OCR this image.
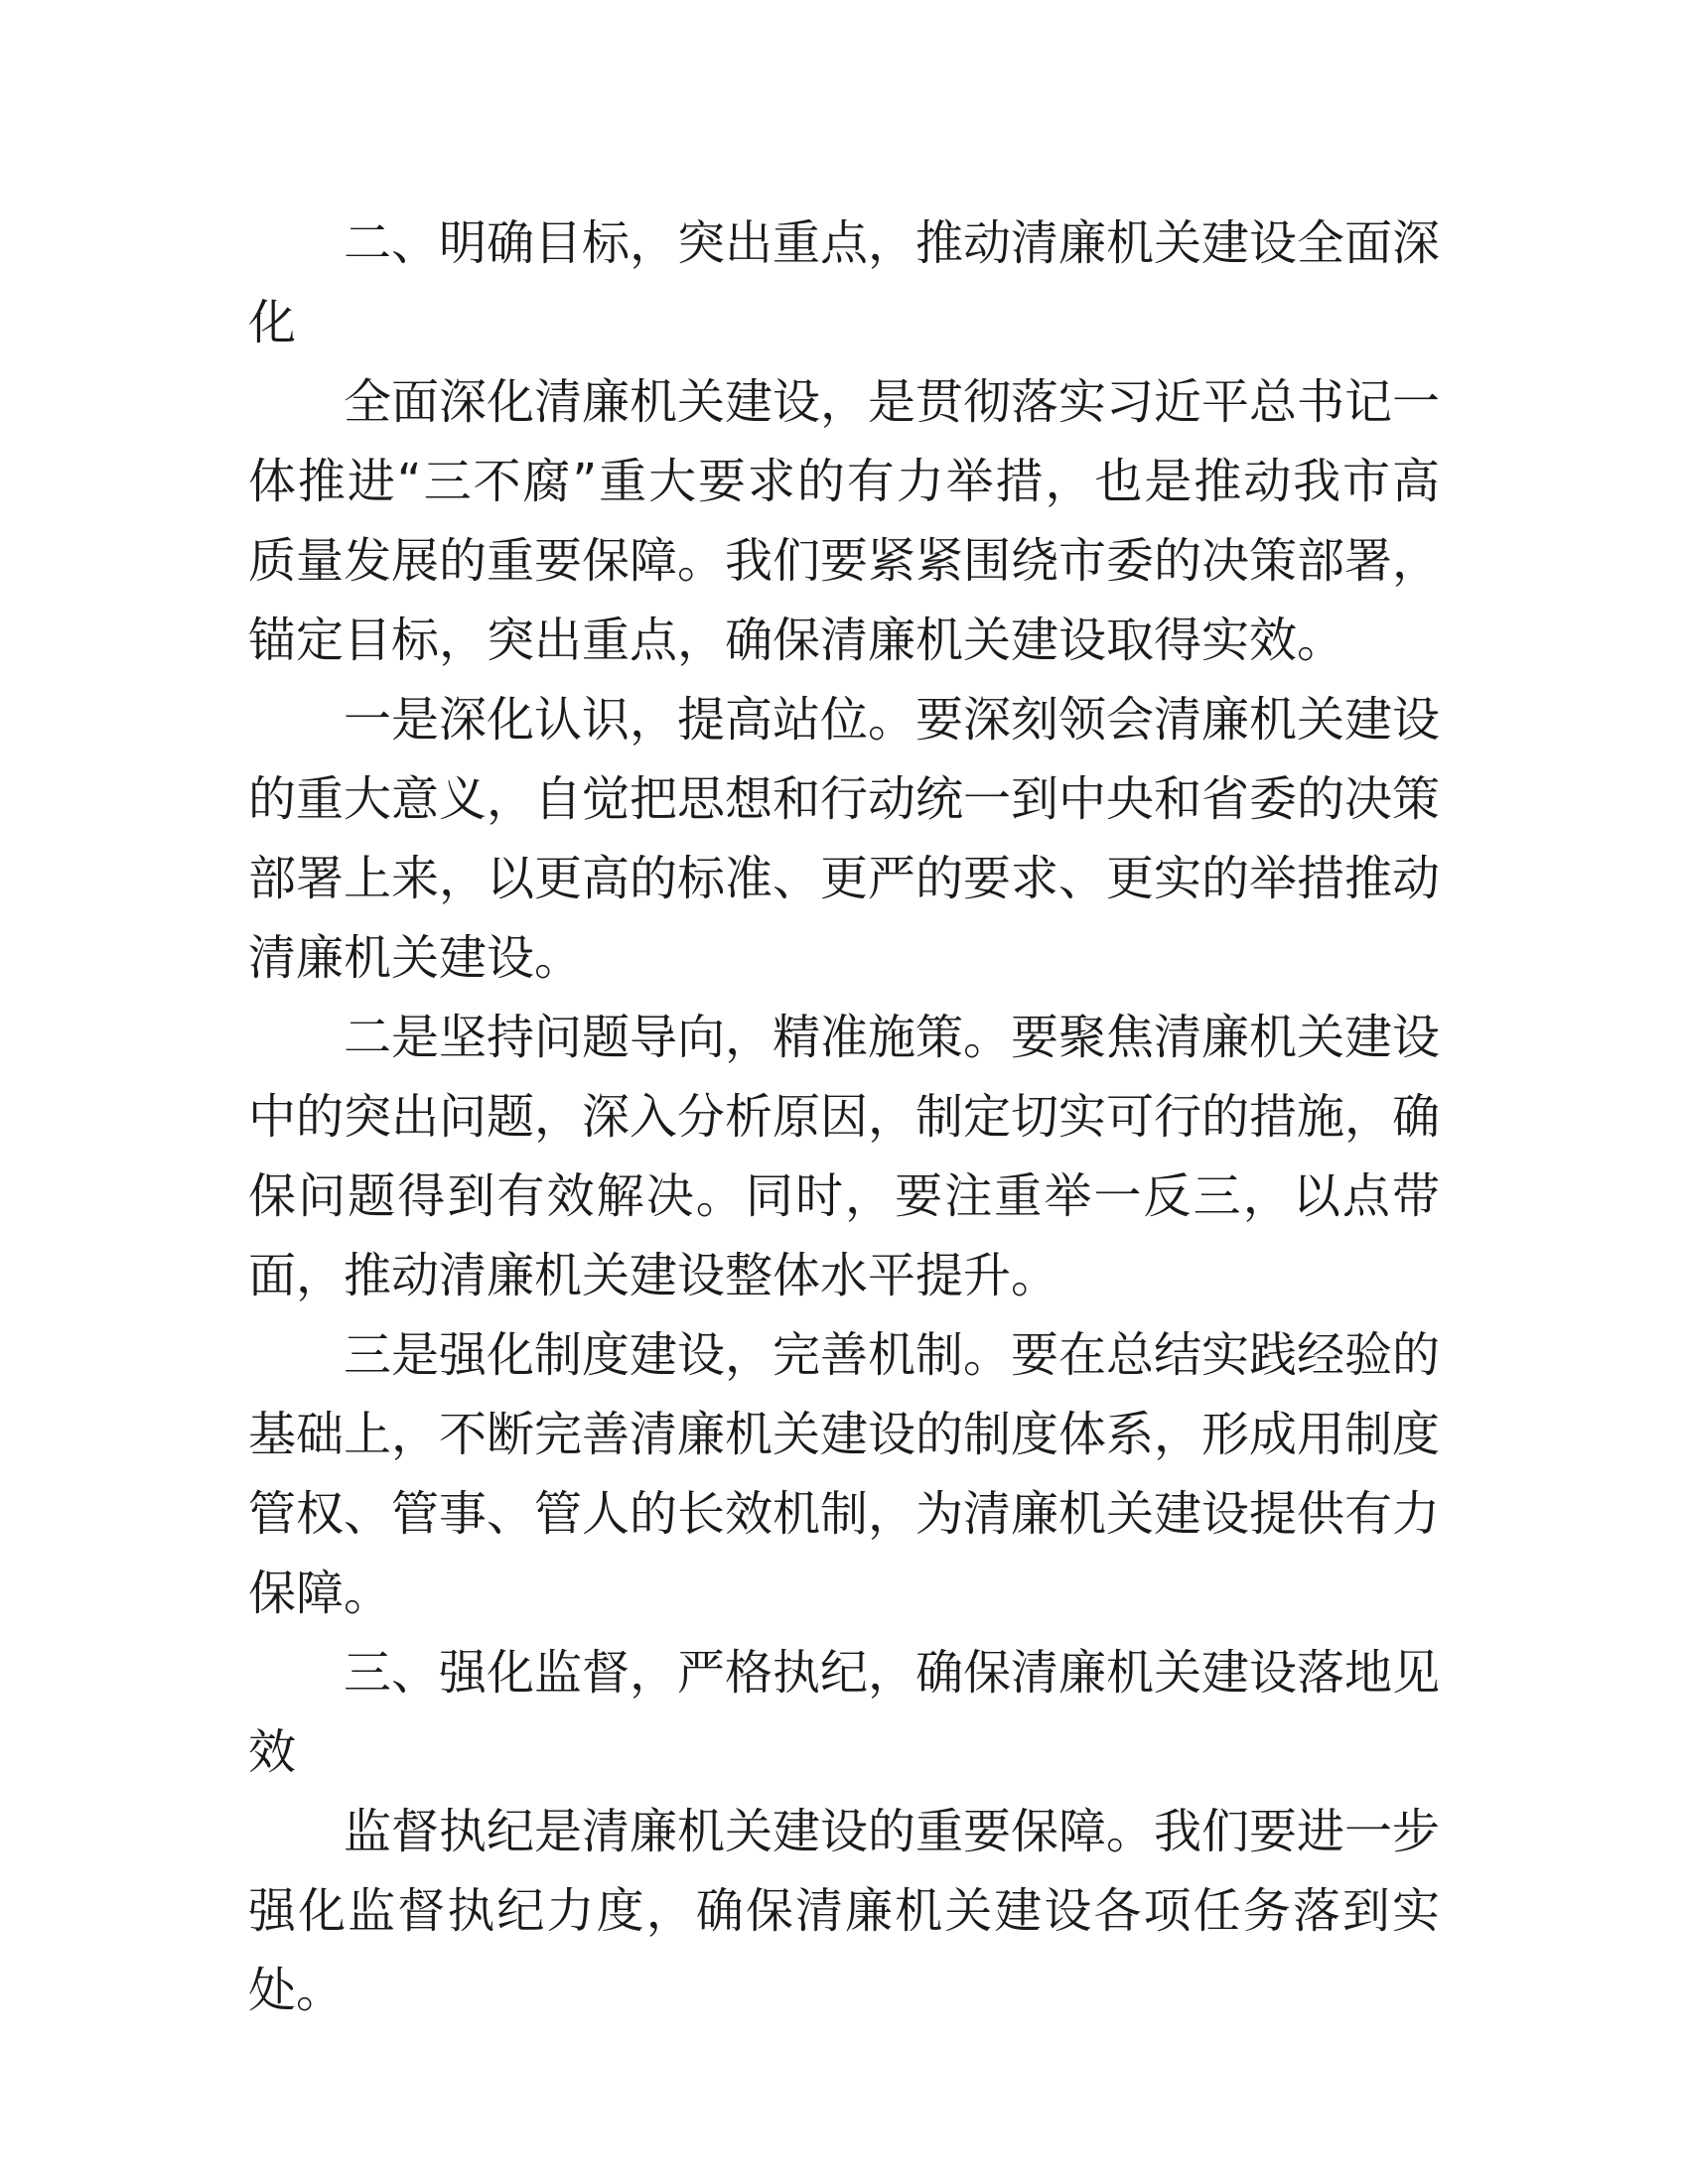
二、明确目标，突出重点，推动清廉机关建设全面深化

全面深化清廉机关建设，是贯彻落实习近平总书记一体推进“三不腐”重大要求的有力举措，也是推动我市高质量发展的重要保障。我们要紧紧围绕市委的决策部署，锚定目标，突出重点，确保清廉机关建设取得实效。

一是深化认识，提高站位。要深刻领会清廉机关建设的重大意义，自觉把思想和行动统一到中央和省委的决策部署上来，以更高的标准、更严的要求、更实的举措推动清廉机关建设。

二是坚持问题导向，精准施策。要聚焦清廉机关建设中的突出问题，深入分析原因，制定切实可行的措施，确保问题得到有效解决。同时，要注重举一反三，以点带面，推动清廉机关建设整体水平提升。

三是强化制度建设，完善机制。要在总结实践经验的基础上，不断完善清廉机关建设的制度体系，形成用制度管权、管事、管人的长效机制，为清廉机关建设提供有力保障。

三、强化监督，严格执纪，确保清廉机关建设落地见效

监督执纪是清廉机关建设的重要保障。我们要进一步强化监督执纪力度，确保清廉机关建设各项任务落到实处。
